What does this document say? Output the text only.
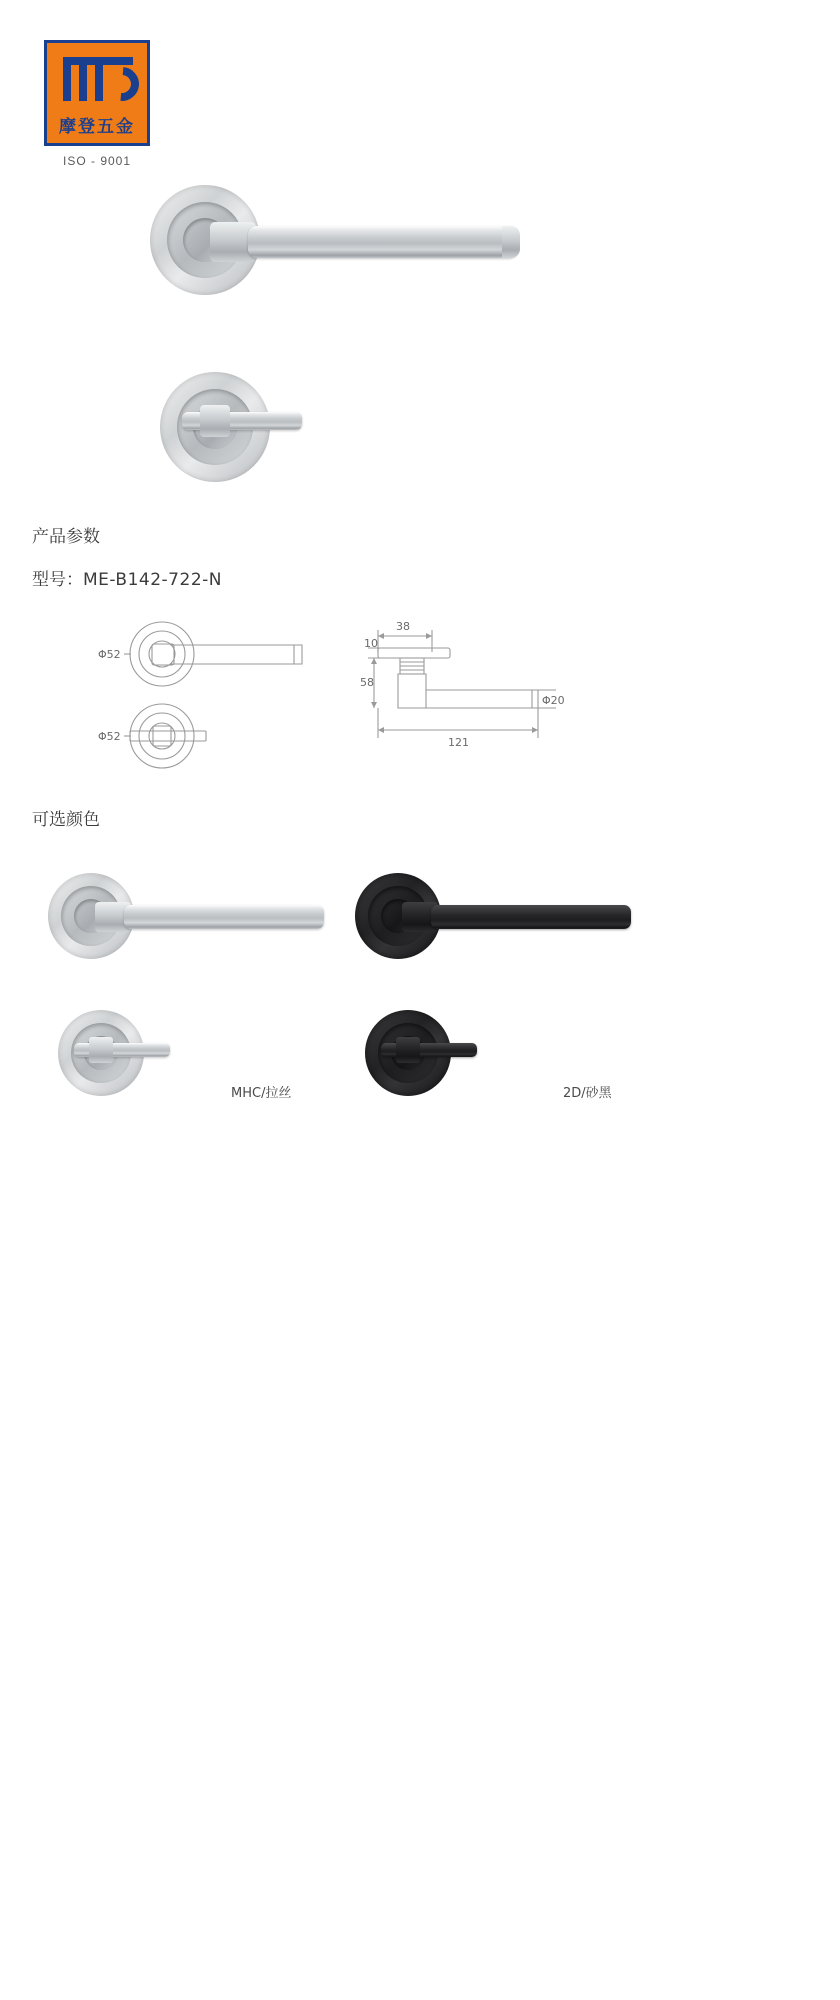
摩登五金
ISO - 9001
产品参数
型号：ME-B142-722-N
Φ52
Φ52
38
10
58
Φ20
121
可选颜色
MHC/拉丝	2D/砂黑
